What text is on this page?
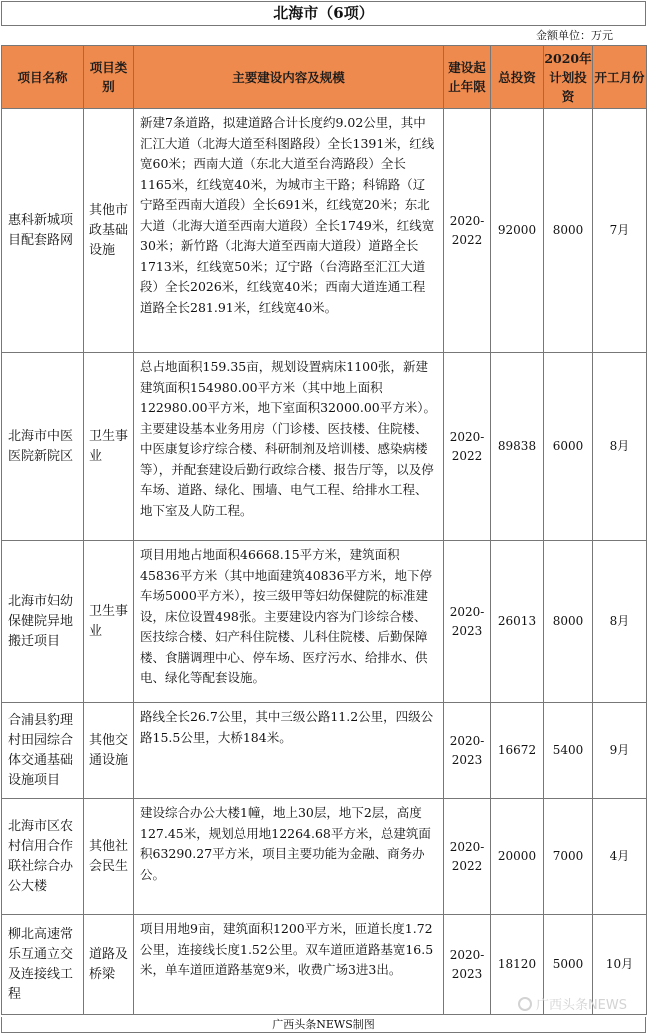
北海市（6项）
金额单位：万元
项目名称	项目类别	主要建设内容及规模	建设起止年限	总投资	2020年计划投资	开工月份
惠科新城项目配套路网	其他市政基础设施	新建7条道路，拟建道路合计长度约9.02公里，其中汇江大道（北海大道至科图路段）全长1391米，红线宽60米；西南大道（东北大道至台湾路段）全长1165米，红线宽40米，为城市主干路；科锦路（辽宁路至西南大道段）全长691米，红线宽20米；东北大道（北海大道至西南大道段）全长1749米，红线宽30米；新竹路（北海大道至西南大道段）道路全长1713米，红线宽50米；辽宁路（台湾路至汇江大道段）全长2026米，红线宽40米；西南大道连通工程道路全长281.91米，红线宽40米。	2020-2022	92000	8000	7月
北海市中医医院新院区	卫生事业	总占地面积159.35亩，规划设置病床1100张，新建建筑面积154980.00平方米（其中地上面积122980.00平方米，地下室面积32000.00平方米）。主要建设基本业务用房（门诊楼、医技楼、住院楼、中医康复诊疗综合楼、科研制剂及培训楼、感染病楼等），并配套建设后勤行政综合楼、报告厅等，以及停车场、道路、绿化、围墙、电气工程、给排水工程、地下室及人防工程。	2020-2022	89838	6000	8月
北海市妇幼保健院异地搬迁项目	卫生事业	项目用地占地面积46668.15平方米，建筑面积45836平方米（其中地面建筑40836平方米，地下停车场5000平方米），按三级甲等妇幼保健院的标准建设，床位设置498张。主要建设内容为门诊综合楼、医技综合楼、妇产科住院楼、儿科住院楼、后勤保障楼、食膳调理中心、停车场、医疗污水、给排水、供电、绿化等配套设施。	2020-2023	26013	8000	8月
合浦县豹理村田园综合体交通基础设施项目	其他交通设施	路线全长26.7公里，其中三级公路11.2公里，四级公路15.5公里，大桥184米。	2020-2023	16672	5400	9月
北海市区农村信用合作联社综合办公大楼	其他社会民生	建设综合办公大楼1幢，地上30层，地下2层，高度127.45米，规划总用地12264.68平方米，总建筑面积63290.27平方米，项目主要功能为金融、商务办公。	2020-2022	20000	7000	4月
柳北高速常乐互通立交及连接线工程	道路及桥梁	项目用地9亩，建筑面积1200平方米，匝道长度1.72公里，连接线长度1.52公里。双车道匝道路基宽16.5米，单车道匝道路基宽9米，收费广场3进3出。	2020-2023	18120	5000	10月
广西头条NEWS制图
广西头条NEWS
